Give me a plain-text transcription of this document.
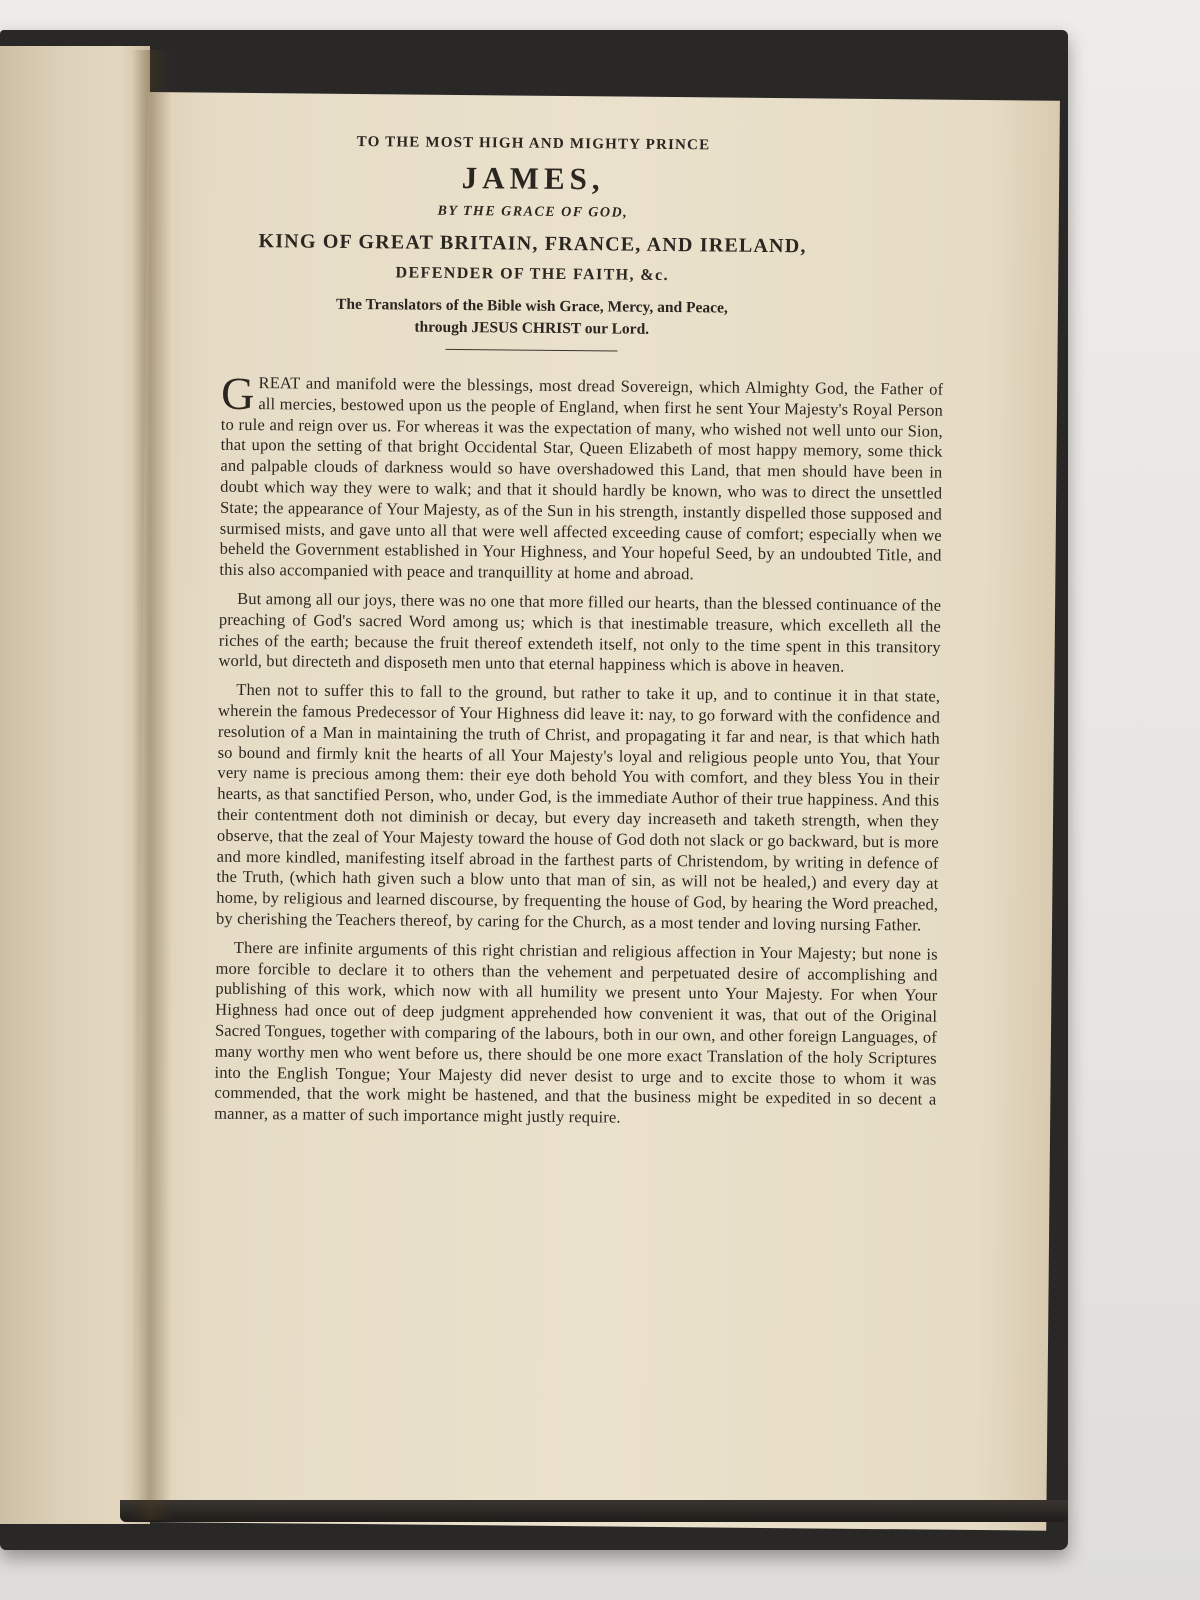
TO THE MOST HIGH AND MIGHTY PRINCE
JAMES,
BY THE GRACE OF GOD,
KING OF GREAT BRITAIN, FRANCE, AND IRELAND,
DEFENDER OF THE FAITH, &c.
The Translators of the Bible wish Grace, Mercy, and Peace,
through JESUS CHRIST our Lord.

GREAT and manifold were the blessings, most dread Sovereign, which Almighty God, the Father of all mercies, bestowed upon us the people of England, when first he sent Your Majesty's Royal Person to rule and reign over us. For whereas it was the expectation of many, who wished not well unto our Sion, that upon the setting of that bright Occidental Star, Queen Elizabeth of most happy memory, some thick and palpable clouds of darkness would so have overshadowed this Land, that men should have been in doubt which way they were to walk; and that it should hardly be known, who was to direct the unsettled State; the appearance of Your Majesty, as of the Sun in his strength, instantly dispelled those supposed and surmised mists, and gave unto all that were well affected exceeding cause of comfort; especially when we beheld the Government established in Your Highness, and Your hopeful Seed, by an undoubted Title, and this also accompanied with peace and tranquillity at home and abroad.

But among all our joys, there was no one that more filled our hearts, than the blessed continuance of the preaching of God's sacred Word among us; which is that inestimable treasure, which excelleth all the riches of the earth; because the fruit thereof extendeth itself, not only to the time spent in this transitory world, but directeth and disposeth men unto that eternal happiness which is above in heaven.

Then not to suffer this to fall to the ground, but rather to take it up, and to continue it in that state, wherein the famous Predecessor of Your Highness did leave it: nay, to go forward with the confidence and resolution of a Man in maintaining the truth of Christ, and propagating it far and near, is that which hath so bound and firmly knit the hearts of all Your Majesty's loyal and religious people unto You, that Your very name is precious among them: their eye doth behold You with comfort, and they bless You in their hearts, as that sanctified Person, who, under God, is the immediate Author of their true happiness. And this their contentment doth not diminish or decay, but every day increaseth and taketh strength, when they observe, that the zeal of Your Majesty toward the house of God doth not slack or go backward, but is more and more kindled, manifesting itself abroad in the farthest parts of Christendom, by writing in defence of the Truth, (which hath given such a blow unto that man of sin, as will not be healed,) and every day at home, by religious and learned discourse, by frequenting the house of God, by hearing the Word preached, by cherishing the Teachers thereof, by caring for the Church, as a most tender and loving nursing Father.

There are infinite arguments of this right christian and religious affection in Your Majesty; but none is more forcible to declare it to others than the vehement and perpetuated desire of accomplishing and publishing of this work, which now with all humility we present unto Your Majesty. For when Your Highness had once out of deep judgment apprehended how convenient it was, that out of the Original Sacred Tongues, together with comparing of the labours, both in our own, and other foreign Languages, of many worthy men who went before us, there should be one more exact Translation of the holy Scriptures into the English Tongue; Your Majesty did never desist to urge and to excite those to whom it was commended, that the work might be hastened, and that the business might be expedited in so decent a manner, as a matter of such importance might justly require.
